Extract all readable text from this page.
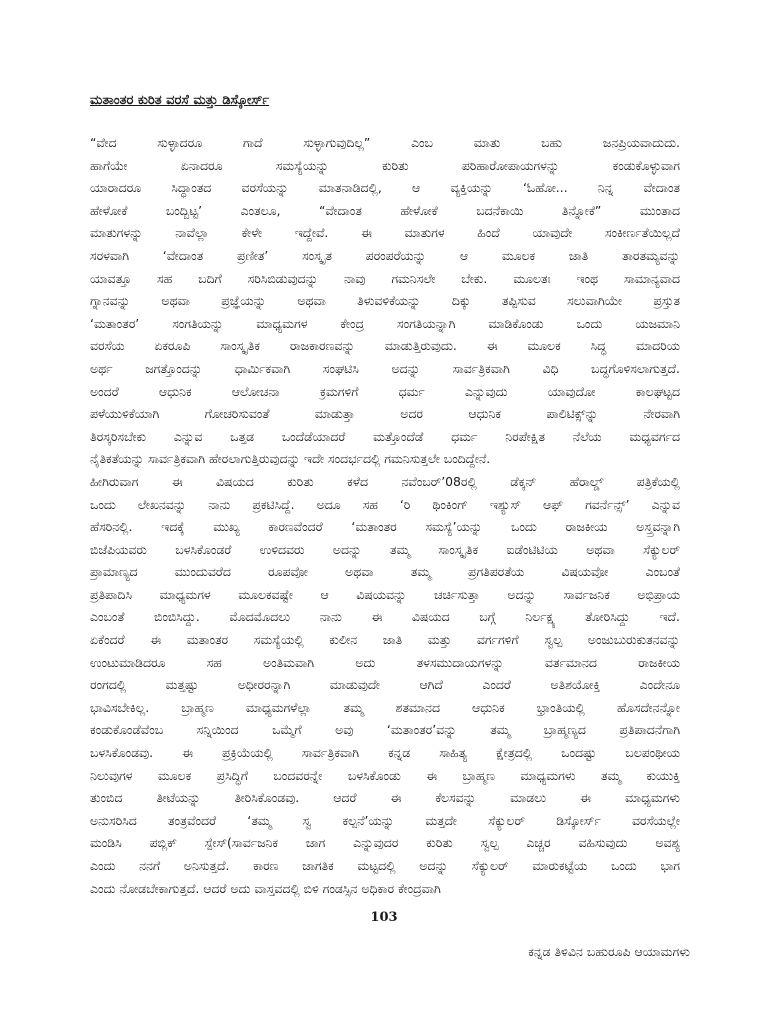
ಮತಾಂತರ ಕುರಿತ ವರಸೆ ಮತ್ತು ಡಿಸ್ಕೋರ್ಸ್
“ವೇದ ಸುಳ್ಳಾದರೂ ಗಾದೆ ಸುಳ್ಳಾಗುವುದಿಲ್ಲ” ಎಂಬ ಮಾತು ಬಹು ಜನಪ್ರಿಯವಾದುದು.
ಹಾಗೆಯೇ ಏನಾದರೂ ಸಮಸ್ಯೆಯನ್ನು ಕುರಿತು ಪರಿಹಾರೋಪಾಯಗಳನ್ನು ಕಂಡುಕೊಳ್ಳುವಾಗ
ಯಾರಾದರೂ ಸಿದ್ಧಾಂತದ ವರಸೆಯನ್ನು ಮಾತನಾಡಿದಲ್ಲಿ, ಆ ವ್ಯಕ್ತಿಯನ್ನು ‘ಓಹೋ... ನಿನ್ನ ವೇದಾಂತ
ಹೇಳೋಕೆ ಬಂದ್ಬಿಟ್ಟ’ ಎಂತಲೂ, “ವೇದಾಂತ ಹೇಳೋಕೆ ಬದನೆಕಾಯಿ ತಿನ್ನೋಕೆ” ಮುಂತಾದ
ಮಾತುಗಳನ್ನು ನಾವೆಲ್ಲಾ ಕೇಳೇ ಇದ್ದೇವೆ. ಈ ಮಾತುಗಳ ಹಿಂದೆ ಯಾವುದೇ ಸಂಕೀರ್ಣತೆಯಿಲ್ಲದೆ
ಸರಳವಾಗಿ ‘ವೇದಾಂತ ಪ್ರಣೀತ’ ಸಂಸ್ಕೃತ ಪರಂಪರೆಯನ್ನು ಆ ಮೂಲಕ ಜಾತಿ ತಾರತಮ್ಯವನ್ನು
ಯಾವತ್ತೂ ಸಹ ಬದಿಗೆ ಸರಿಸಿಬಿಡುವುದನ್ನು ನಾವು ಗಮನಿಸಲೇ ಬೇಕು. ಮೂಲತಃ ಇಂಥ ಸಾಮಾನ್ಯವಾದ
ಗ್ನಾನವನ್ನು ಅಥವಾ ಪ್ರಜ್ಞೆಯನ್ನು ಅಥವಾ ತಿಳುವಳಿಕೆಯನ್ನು ದಿಕ್ಕು ತಪ್ಪಿಸುವ ಸಲುವಾಗಿಯೇ ಪ್ರಸ್ತುತ
‘ಮತಾಂತರ’ ಸಂಗತಿಯನ್ನು ಮಾಧ್ಯಮಗಳ ಕೇಂದ್ರ ಸಂಗತಿಯನ್ನಾಗಿ ಮಾಡಿಕೊಂಡು ಒಂದು ಯಜಮಾನಿ
ವರಸೆಯ ಏಕರೂಪಿ ಸಾಂಸ್ಕೃತಿಕ ರಾಜಕಾರಣವನ್ನು ಮಾಡುತ್ತಿರುವುದು. ಈ ಮೂಲಕ ಸಿದ್ಧ ಮಾದರಿಯ
ಅರ್ಥ ಜಗತ್ತೊಂದನ್ನು ಧಾರ್ಮಿಕವಾಗಿ ಸಂಘಟಿಸಿ ಅದನ್ನು ಸಾರ್ವತ್ರಿಕವಾಗಿ ವಿಧಿ ಬದ್ಧಗೊಳಿಸಲಾಗುತ್ತದೆ.
ಅಂದರೆ ಆಧುನಿಕ ಆಲೋಚನಾ ಕ್ರಮಗಳಿಗೆ ಧರ್ಮ ಎನ್ನುವುದು ಯಾವುದೋ ಕಾಲಘಟ್ಟದ
ಪಳೆಯುಳಿಕೆಯಾಗಿ ಗೋಚರಿಸುವಂತೆ ಮಾಡುತ್ತಾ ಅದರ ಆಧುನಿಕ ಪಾಲಿಟಿಕ್ಸ್‌ನ್ನು ನೇರವಾಗಿ
ತಿರಸ್ಕರಿಸಬೇಕು ಎನ್ನುವ ಒತ್ತಡ ಒಂದೆಡೆಯಾದರೆ ಮತ್ತೊಂದೆಡೆ ಧರ್ಮ ನಿರಪೇಕ್ಷಿತ ನೆಲೆಯ ಮಧ್ಯವರ್ಗದ
ನೈತಿಕತೆಯನ್ನು ಸಾರ್ವತ್ರಿಕವಾಗಿ ಹೇರಲಾಗುತ್ತಿರುವುದನ್ನು ಇದೇ ಸಂದರ್ಭದಲ್ಲಿ ಗಮನಿಸುತ್ತಲೇ ಬಂದಿದ್ದೇನೆ.
ಹೀಗಿರುವಾಗ ಈ ವಿಷಯದ ಕುರಿತು ಕಳೆದ ನವೆಂಬರ್’08ರಲ್ಲಿ ಡೆಕ್ಕನ್ ಹೆರಾಲ್ಡ್ ಪತ್ರಿಕೆಯಲ್ಲಿ
ಒಂದು ಲೇಖನವನ್ನು ನಾನು ಪ್ರಕಟಿಸಿದ್ದೆ. ಅದೂ ಸಹ ‘ರಿ ಥಿಂಕಿಂಗ್ ಇಶ್ಯುಸ್ ಆಫ್ ಗವರ್ನೆನ್ಸ್’ ಎನ್ನುವ
ಹೆಸರಿನಲ್ಲಿ. ಇದಕ್ಕೆ ಮುಖ್ಯ ಕಾರಣವೆಂದರೆ ‘ಮತಾಂತರ ಸಮಸ್ಯೆ’ಯನ್ನು ಒಂದು ರಾಜಕೀಯ ಅಸ್ತ್ರವನ್ನಾಗಿ
ಬಿಜೆಪಿಯವರು ಬಳಸಿಕೊಂಡರೆ ಉಳಿದವರು ಅದನ್ನು ತಮ್ಮ ಸಾಂಸ್ಕೃತಿಕ ಐಡೆಂಟಿಟಿಯ ಅಥವಾ ಸೆಕ್ಯುಲರ್
ಪ್ರಾಮಾಣ್ಯದ ಮುಂದುವರೆದ ರೂಪವೋ ಅಥವಾ ತಮ್ಮ ಪ್ರಗತಿಪರತೆಯ ವಿಷಯವೋ ಎಂಬಂತೆ
ಪ್ರತಿಪಾದಿಸಿ ಮಾಧ್ಯಮಗಳ ಮೂಲಕವಷ್ಟೇ ಆ ವಿಷಯವನ್ನು ಚರ್ಚಿಸುತ್ತಾ ಅದನ್ನು ಸಾರ್ವಜನಿಕ ಅಭಿಪ್ರಾಯ
ಎಂಬಂತೆ ಬಿಂಬಿಸಿದ್ದು. ಮೊದಮೊದಲು ನಾನು ಈ ವಿಷಯದ ಬಗ್ಗೆ ನಿರ್ಲಕ್ಷ್ಯ ತೋರಿಸಿದ್ದು ಇದೆ.
ಏಕೆಂದರೆ ಈ ಮತಾಂತರ ಸಮಸ್ಯೆಯಲ್ಲಿ ಕುಲೀನ ಜಾತಿ ಮತ್ತು ವರ್ಗಗಳಿಗೆ ಸ್ವಲ್ಪ ಅಂಜುಬುರುಕುತನವನ್ನು
ಉಂಟುಮಾಡಿದರೂ ಸಹ ಅಂತಿಮವಾಗಿ ಅದು ತಳಸಮುದಾಯಗಳನ್ನು ವರ್ತಮಾನದ ರಾಜಕೀಯ
ರಂಗದಲ್ಲಿ ಮತ್ತಷ್ಟು ಅಧೀರರನ್ನಾಗಿ ಮಾಡುವುದೇ ಆಗಿದೆ ಎಂದರೆ ಅತಿಶಯೋಕ್ತಿ ಎಂದೇನೂ
ಭಾವಿಸಬೇಕಿಲ್ಲ. ಬ್ರಾಹ್ಮಣ ಮಾಧ್ಯಮಗಳೆಲ್ಲಾ ತಮ್ಮ ಶತಮಾನದ ಆಧುನಿಕ ಭ್ರಾಂತಿಯಲ್ಲಿ ಹೊಸದೇನನ್ನೋ
ಕಂಡುಕೊಂಡೆವೆಂಬ ಸನ್ನಿಯಿಂದ ಒಮ್ಮೆಗೆ ಅವು ‘ಮತಾಂತರ’ವನ್ನು ತಮ್ಮ ಬ್ರಾಹ್ಮಣ್ಯದ ಪ್ರತಿಪಾದನೆಗಾಗಿ
ಬಳಸಿಕೊಂಡವು. ಈ ಪ್ರಕ್ರಿಯೆಯಲ್ಲಿ ಸಾರ್ವತ್ರಿಕವಾಗಿ ಕನ್ನಡ ಸಾಹಿತ್ಯ ಕ್ಷೇತ್ರದಲ್ಲಿ ಒಂದಷ್ಟು ಬಲಪಂಥೀಯ
ನಿಲುವುಗಳ ಮೂಲಕ ಪ್ರಸಿದ್ಧಿಗೆ ಬಂದವರನ್ನೇ ಬಳಸಿಕೊಂಡು ಈ ಬ್ರಾಹ್ಮಣ ಮಾಧ್ಯಮಗಳು ತಮ್ಮ ಕುಯುಕ್ತಿ
ತುಂಬಿದ ತೀಟೆಯನ್ನು ತೀರಿಸಿಕೊಂಡವು. ಆದರೆ ಈ ಕೆಲಸವನ್ನು ಮಾಡಲು ಈ ಮಾಧ್ಯಮಗಳು
ಅನುಸರಿಸಿದ ತಂತ್ರವೆಂದರೆ ‘ತಮ್ಮ ಸ್ವ ಕಲ್ಪನೆ’ಯನ್ನು ಮತ್ತದೇ ಸೆಕ್ಯುಲರ್ ಡಿಸ್ಕೋರ್ಸ್ ವರಸೆಯಲ್ಲೇ
ಮಂಡಿಸಿ ಪಬ್ಲಿಕ್ ಸ್ಪೇಸ್(ಸಾರ್ವಜನಿಕ ಜಾಗ ಎನ್ನುವುದರ ಕುರಿತು ಸ್ವಲ್ಪ ಎಚ್ಚರ ವಹಿಸುವುದು ಅವಶ್ಯ
ಎಂದು ನನಗೆ ಅನಿಸುತ್ತದೆ. ಕಾರಣ ಜಾಗತಿಕ ಮಟ್ಟದಲ್ಲಿ ಅದನ್ನು ಸೆಕ್ಯುಲರ್ ಮಾರುಕಟ್ಟೆಯ ಒಂದು ಭಾಗ
ಎಂದು ನೋಡಬೇಕಾಗುತ್ತದೆ. ಆದರೆ ಅದು ವಾಸ್ತವದಲ್ಲಿ ಬಿಳಿ ಗಂಡಸ್ಸಿನ ಅಧಿಕಾರ ಕೇಂದ್ರವಾಗಿ
103
ಕನ್ನಡ ತಿಳಿವಿನ ಬಹುರೂಪಿ ಆಯಾಮಗಳು
